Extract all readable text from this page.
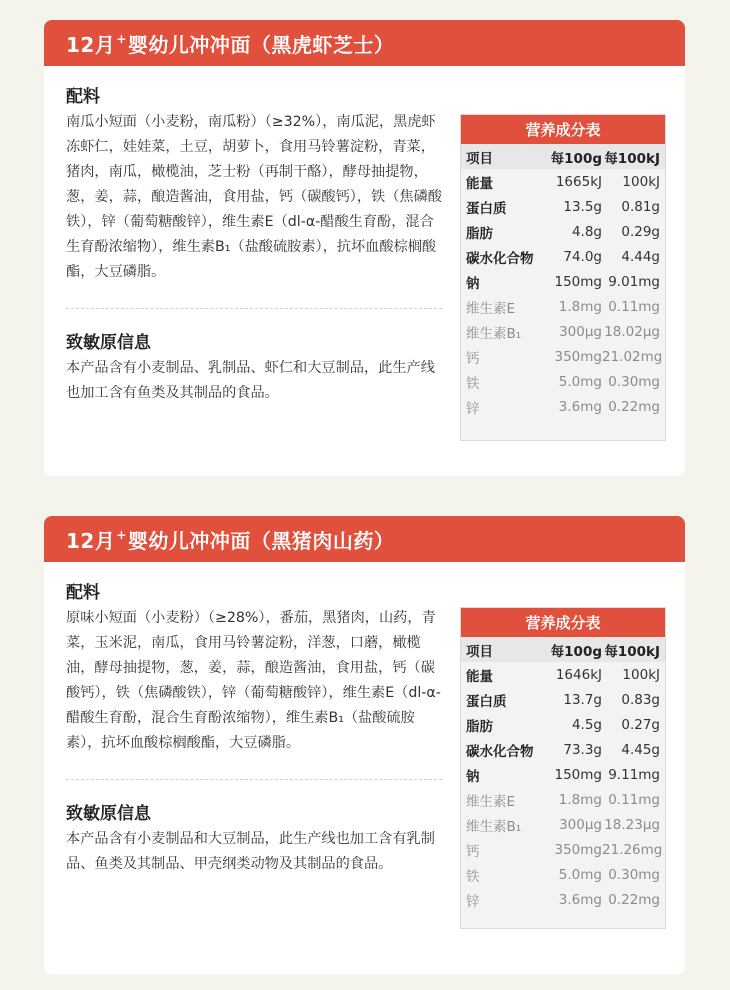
12月+ 婴幼儿冲冲面（黑虎虾芝士）
配料
南瓜小短面（小麦粉，南瓜粉）（≥32%），南瓜泥，黑虎虾冻虾仁，娃娃菜，土豆，胡萝卜，食用马铃薯淀粉，青菜，猪肉，南瓜，橄榄油，芝士粉（再制干酪），酵母抽提物，葱，姜，蒜，酿造酱油，食用盐，钙（碳酸钙），铁（焦磷酸铁），锌（葡萄糖酸锌），维生素E（dl-α-醋酸生育酚，混合生育酚浓缩物），维生素B₁（盐酸硫胺素），抗坏血酸棕榈酸酯，大豆磷脂。
致敏原信息
本产品含有小麦制品、乳制品、虾仁和大豆制品，此生产线也加工含有鱼类及其制品的食品。
营养成分表
项目	每100g 每100kJ
能量	1665kJ	100kJ
蛋白质	13.5g	0.81g
脂肪	4.8g	0.29g
碳水化合物	74.0g	4.44g
钠	150mg 9.01mg
维生素E	1.8mg 0.11mg
维生素B₁	300μg 18.02μg
钙	350mg 21.02mg
铁	5.0mg 0.30mg
锌	3.6mg 0.22mg
12月+ 婴幼儿冲冲面（黑猪肉山药）
配料
原味小短面（小麦粉）（≥28%），番茄，黑猪肉，山药，青菜，玉米泥，南瓜，食用马铃薯淀粉，洋葱，口蘑，橄榄油，酵母抽提物，葱，姜，蒜，酿造酱油，食用盐，钙（碳酸钙），铁（焦磷酸铁），锌（葡萄糖酸锌），维生素E（dl-α-醋酸生育酚，混合生育酚浓缩物），维生素B₁（盐酸硫胺素），抗坏血酸棕榈酸酯，大豆磷脂。
致敏原信息
本产品含有小麦制品和大豆制品，此生产线也加工含有乳制品、鱼类及其制品、甲壳纲类动物及其制品的食品。
营养成分表
项目	每100g 每100kJ
能量	1646kJ	100kJ
蛋白质	13.7g	0.83g
脂肪	4.5g	0.27g
碳水化合物	73.3g	4.45g
钠	150mg 9.11mg
维生素E	1.8mg 0.11mg
维生素B₁	300μg 18.23μg
钙	350mg 21.26mg
铁	5.0mg 0.30mg
锌	3.6mg 0.22mg
